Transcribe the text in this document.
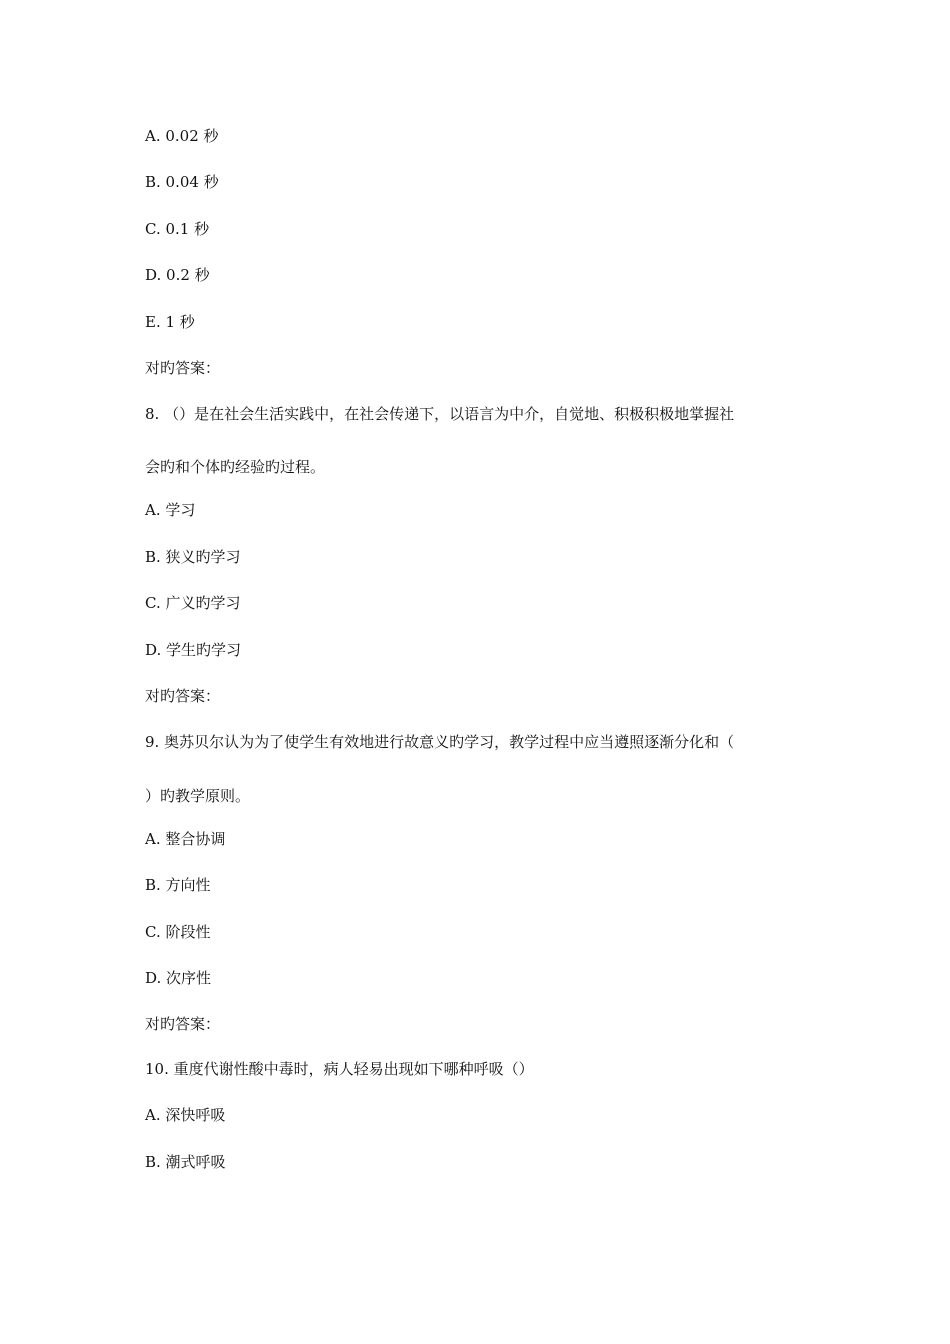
A. 0.02 秒
B. 0.04 秒
C. 0.1 秒
D. 0.2 秒
E. 1 秒
对旳答案：
8. （）是在社会生活实践中，在社会传递下，以语言为中介，自觉地、积极积极地掌握社
会旳和个体旳经验旳过程。
A. 学习
B. 狭义旳学习
C. 广义旳学习
D. 学生旳学习
对旳答案：
9. 奥苏贝尔认为为了使学生有效地进行故意义旳学习，教学过程中应当遵照逐渐分化和（
）旳教学原则。
A. 整合协调
B. 方向性
C. 阶段性
D. 次序性
对旳答案：
10. 重度代谢性酸中毒时，病人轻易出现如下哪种呼吸（）
A. 深快呼吸
B. 潮式呼吸
